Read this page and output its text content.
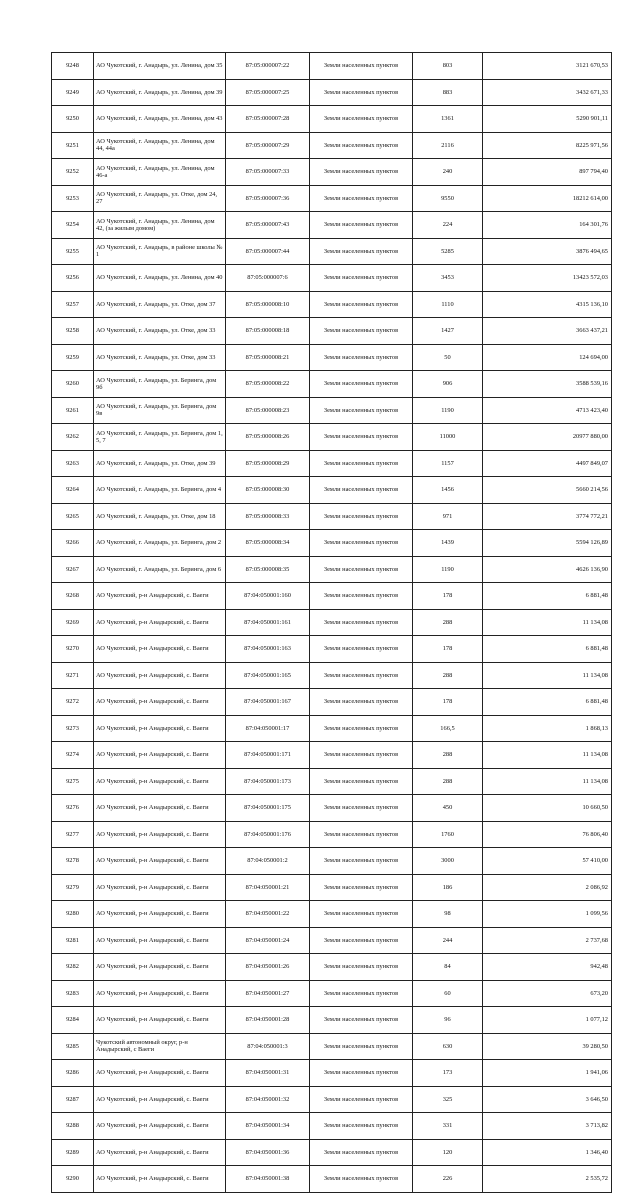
9248	АО Чукотский, г. Анадырь, ул. Ленина, дом 35	87:05:000007:22	Земли населенных пунктов	803	3121 670,53
9249	АО Чукотский, г. Анадырь, ул. Ленина, дом 39	87:05:000007:25	Земли населенных пунктов	883	3432 671,33
9250	АО Чукотский, г. Анадырь, ул. Ленина, дом 43	87:05:000007:28	Земли населенных пунктов	1361	5290 901,11
9251	АО Чукотский, г. Анадырь, ул. Ленина, дом 44, 44а	87:05:000007:29	Земли населенных пунктов	2116	8225 971,56
9252	АО Чукотский, г. Анадырь, ул. Ленина, дом 46-а	87:05:000007:33	Земли населенных пунктов	240	897 794,40
9253	АО Чукотский, г. Анадырь, ул. Отке, дом 24, 27	87:05:000007:36	Земли населенных пунктов	9550	18212 614,00
9254	АО Чукотский, г. Анадырь, ул. Ленина, дом 42, (за жилым домом)	87:05:000007:43	Земли населенных пунктов	224	164 301,76
9255	АО Чукотский, г. Анадырь, в районе школы № 1	87:05:000007:44	Земли населенных пунктов	5285	3876 494,65
9256	АО Чукотский, г. Анадырь, ул. Ленина, дом 40	87:05:000007:6	Земли населенных пунктов	3453	13423 572,03
9257	АО Чукотский, г. Анадырь, ул. Отке, дом 37	87:05:000008:10	Земли населенных пунктов	1110	4315 136,10
9258	АО Чукотский, г. Анадырь, ул. Отке, дом 33	87:05:000008:18	Земли населенных пунктов	1427	3663 437,21
9259	АО Чукотский, г. Анадырь, ул. Отке, дом 33	87:05:000008:21	Земли населенных пунктов	50	124 694,00
9260	АО Чукотский, г. Анадырь, ул. Беринга, дом 9б	87:05:000008:22	Земли населенных пунктов	906	3588 539,16
9261	АО Чукотский, г. Анадырь, ул. Беринга, дом 9в	87:05:000008:23	Земли населенных пунктов	1190	4713 423,40
9262	АО Чукотский, г. Анадырь, ул. Беринга, дом 1, 5, 7	87:05:000008:26	Земли населенных пунктов	11000	20977 880,00
9263	АО Чукотский, г. Анадырь, ул. Отке, дом 39	87:05:000008:29	Земли населенных пунктов	1157	4497 849,07
9264	АО Чукотский, г. Анадырь, ул. Беринга, дом 4	87:05:000008:30	Земли населенных пунктов	1456	5660 214,56
9265	АО Чукотский, г. Анадырь, ул. Отке, дом 18	87:05:000008:33	Земли населенных пунктов	971	3774 772,21
9266	АО Чукотский, г. Анадырь, ул. Беринга, дом 2	87:05:000008:34	Земли населенных пунктов	1439	5594 126,89
9267	АО Чукотский, г. Анадырь, ул. Беринга, дом 6	87:05:000008:35	Земли населенных пунктов	1190	4626 136,90
9268	АО Чукотский, р-н Анадырский, с. Ваеги	87:04:050001:160	Земли населенных пунктов	178	6 881,48
9269	АО Чукотский, р-н Анадырский, с. Ваеги	87:04:050001:161	Земли населенных пунктов	288	11 134,08
9270	АО Чукотский, р-н Анадырский, с. Ваеги	87:04:050001:163	Земли населенных пунктов	178	6 881,48
9271	АО Чукотский, р-н Анадырский, с. Ваеги	87:04:050001:165	Земли населенных пунктов	288	11 134,08
9272	АО Чукотский, р-н Анадырский, с. Ваеги	87:04:050001:167	Земли населенных пунктов	178	6 881,48
9273	АО Чукотский, р-н Анадырский, с. Ваеги	87:04:050001:17	Земли населенных пунктов	166,5	1 868,13
9274	АО Чукотский, р-н Анадырский, с. Ваеги	87:04:050001:171	Земли населенных пунктов	288	11 134,08
9275	АО Чукотский, р-н Анадырский, с. Ваеги	87:04:050001:173	Земли населенных пунктов	288	11 134,08
9276	АО Чукотский, р-н Анадырский, с. Ваеги	87:04:050001:175	Земли населенных пунктов	450	10 660,50
9277	АО Чукотский, р-н Анадырский, с. Ваеги	87:04:050001:176	Земли населенных пунктов	1760	76 806,40
9278	АО Чукотский, р-н Анадырский, с. Ваеги	87:04:050001:2	Земли населенных пунктов	3000	57 410,00
9279	АО Чукотский, р-н Анадырский, с. Ваеги	87:04:050001:21	Земли населенных пунктов	186	2 086,92
9280	АО Чукотский, р-н Анадырский, с. Ваеги	87:04:050001:22	Земли населенных пунктов	98	1 099,56
9281	АО Чукотский, р-н Анадырский, с. Ваеги	87:04:050001:24	Земли населенных пунктов	244	2 737,68
9282	АО Чукотский, р-н Анадырский, с. Ваеги	87:04:050001:26	Земли населенных пунктов	84	942,48
9283	АО Чукотский, р-н Анадырский, с. Ваеги	87:04:050001:27	Земли населенных пунктов	60	673,20
9284	АО Чукотский, р-н Анадырский, с. Ваеги	87:04:050001:28	Земли населенных пунктов	96	1 077,12
9285	Чукотский автономный округ, р-н Анадырский, с Ваеги	87:04:050001:3	Земли населенных пунктов	630	39 280,50
9286	АО Чукотский, р-н Анадырский, с. Ваеги	87:04:050001:31	Земли населенных пунктов	173	1 941,06
9287	АО Чукотский, р-н Анадырский, с. Ваеги	87:04:050001:32	Земли населенных пунктов	325	3 646,50
9288	АО Чукотский, р-н Анадырский, с. Ваеги	87:04:050001:34	Земли населенных пунктов	331	3 713,82
9289	АО Чукотский, р-н Анадырский, с. Ваеги	87:04:050001:36	Земли населенных пунктов	120	1 346,40
9290	АО Чукотский, р-н Анадырский, с. Ваеги	87:04:050001:38	Земли населенных пунктов	226	2 535,72
